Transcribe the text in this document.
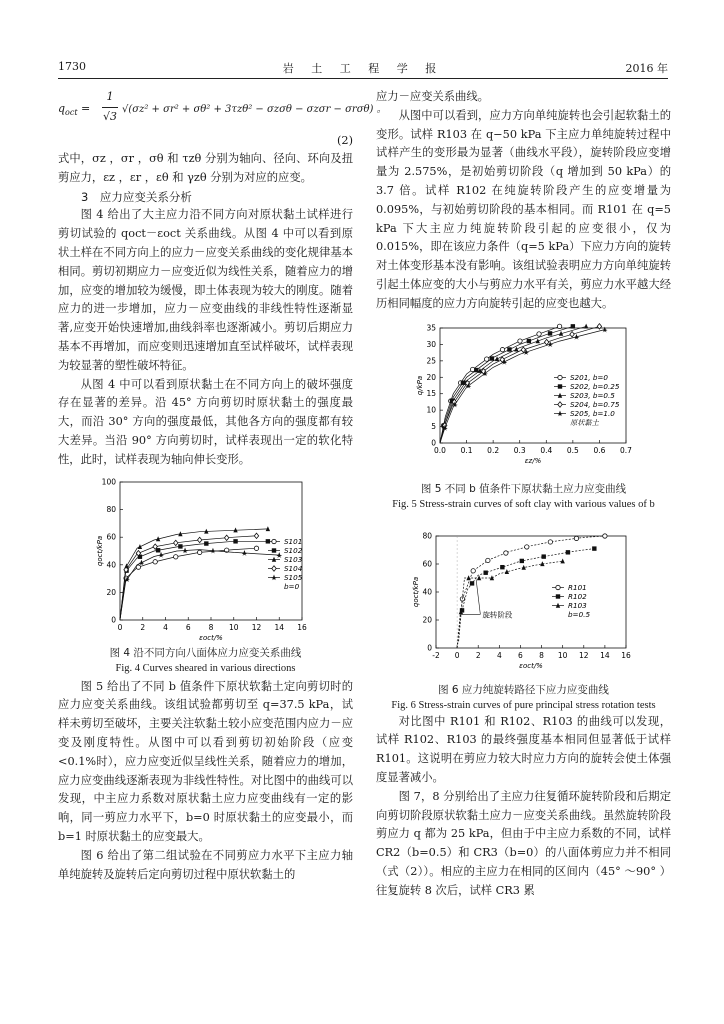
1730	岩 土 工 程 学 报	2016 年
$q_{oct} = \frac{1}{√3} √(\sigma z^2 + \sigma r^2 + \sigma\theta^2 + 3\tau z\theta^2 - \sigma z\sigma\theta - \sigma z\sigma r - \sigma r\sigma\theta)$ 。
(2)

式中，σz ，σr ，σθ 和 τzθ 分别为轴向、径向、环向及扭剪应力，εz ，εr ，εθ 和 γzθ 分别为对应的应变。

3　应力应变关系分析

图 4 给出了大主应力沿不同方向对原状黏土试样进行剪切试验的 qoct－εoct 关系曲线。从图 4 中可以看到原状土样在不同方向上的应力－应变关系曲线的变化规律基本相同。剪切初期应力－应变近似为线性关系，随着应力的增加，应变的增加较为缓慢，即土体表现为较大的刚度。随着应力的进一步增加，应力－应变曲线的非线性特性逐渐显著,应变开始快速增加,曲线斜率也逐渐减小。剪切后期应力基本不再增加，而应变则迅速增加直至试样破坏，试样表现为较显著的塑性破坏特征。

从图 4 中可以看到原状黏土在不同方向上的破坏强度存在显著的差异。沿 45° 方向剪切时原状黏土的强度最大，而沿 30° 方向的强度最低，其他各方向的强度都有较大差异。当沿 90° 方向剪切时，试样表现出一定的软化特性，此时，试样表现为轴向伸长变形。

0 2 4 6 8 10 12 14 16
0
20
40
60
80
100
εoct/%
qoct/kPa	S101
S102
S103
S104
S105
b=0
图 4 沿不同方向八面体应力应变关系曲线
Fig. 4 Curves sheared in various directions

图 5 给出了不同 b 值条件下原状软黏土定向剪切时的应力应变关系曲线。该组试验都剪切至 q=37.5 kPa，试样未剪切至破坏，主要关注软黏土较小应变范围内应力－应变及刚度特性。从图中可以看到剪切初始阶段（应变<0.1%时），应力应变近似呈线性关系，随着应力的增加，应力应变曲线逐渐表现为非线性特性。对比图中的曲线可以发现，中主应力系数对原状黏土应力应变曲线有一定的影响，同一剪应力水平下，b=0 时原状黏土的应变最小，而 b=1 时原状黏土的应变最大。

图 6 给出了第二组试验在不同剪应力水平下主应力轴单纯旋转及旋转后定向剪切过程中原状软黏土的

应力－应变关系曲线。

从图中可以看到，应力方向单纯旋转也会引起软黏土的变形。试样 R103 在 q−50 kPa 下主应力单纯旋转过程中试样产生的变形最为显著（曲线水平段），旋转阶段应变增量为 2.575%，是初始剪切阶段（q 增加到 50 kPa）的 3.7 倍。试样 R102 在纯旋转阶段产生的应变增量为 0.095%，与初始剪切阶段的基本相同。而 R101 在 q=5 kPa 下大主应力纯旋转阶段引起的应变很小，仅为 0.015%，即在该应力条件（q=5 kPa）下应力方向的旋转对土体变形基本没有影响。该组试验表明应力方向单纯旋转引起土体应变的大小与剪应力水平有关，剪应力水平越大经历相同幅度的应力方向旋转引起的应变也越大。

0.0 0.1 0.2 0.3 0.4 0.5 0.6 0.7
0
5
10
15
20
25
30
35
εz/%
q/kPa	S201, b=0
S202, b=0.25
S203, b=0.5
S204, b=0.75
S205, b=1.0
原状黏土
图 5 不同 b 值条件下原状黏土应力应变曲线
Fig. 5 Stress-strain curves of soft clay with various values of b
-2 0 2 4 6 8 10 12 14 16
0
20
40
60
80
εoct/%
qoct/kPa	R101
R102
R103
b=0.5
旋转阶段
图 6 应力纯旋转路径下应力应变曲线
Fig. 6 Stress-strain curves of pure principal stress rotation tests

对比图中 R101 和 R102、R103 的曲线可以发现，试样 R102、R103 的最终强度基本相同但显著低于试样 R101。这说明在剪应力较大时应力方向的旋转会使土体强度显著减小。

图 7，8 分别给出了主应力往复循环旋转阶段和后期定向剪切阶段原状软黏土应力－应变关系曲线。虽然旋转阶段剪应力 q 都为 25 kPa，但由于中主应力系数的不同，试样 CR2（b=0.5）和 CR3（b=0）的八面体剪应力并不相同（式（2））。相应的主应力在相同的区间内（45° ～90° ）往复旋转 8 次后，试样 CR3 累
